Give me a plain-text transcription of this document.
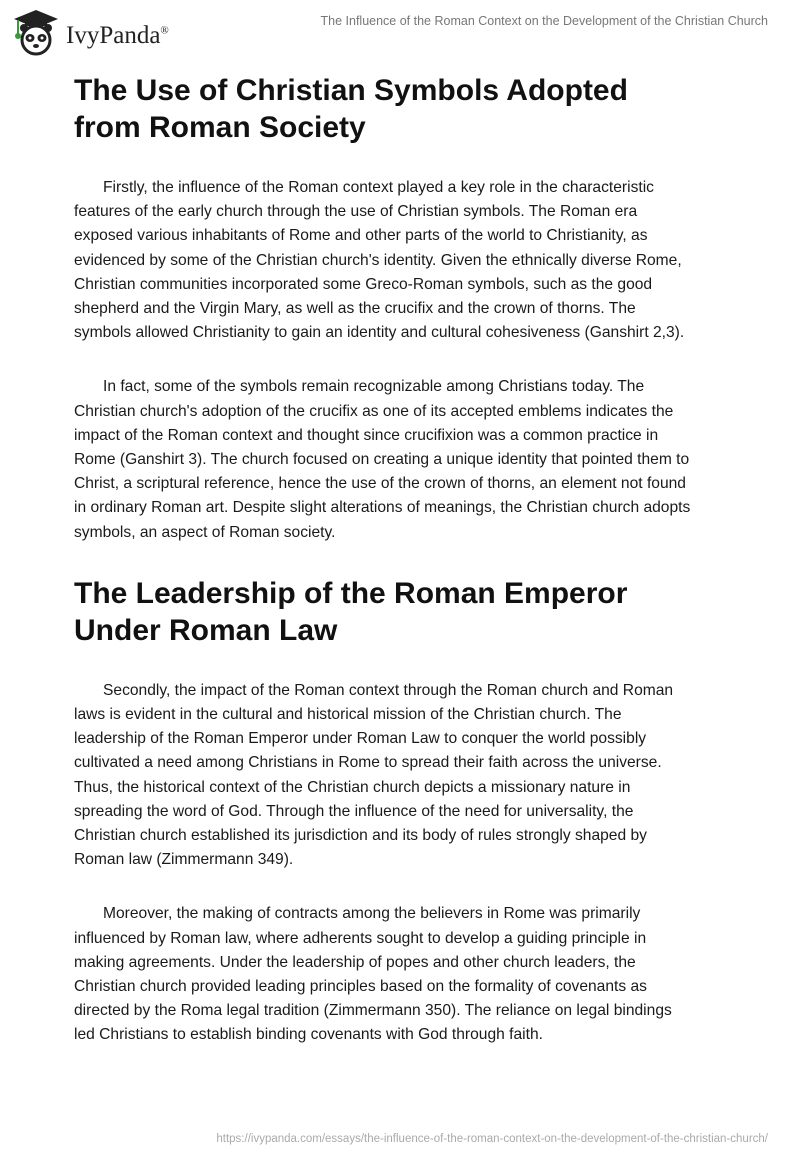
IvyPanda®
The Influence of the Roman Context on the Development of the Christian Church
The Use of Christian Symbols Adopted from Roman Society

Firstly, the influence of the Roman context played a key role in the characteristic features of the early church through the use of Christian symbols. The Roman era exposed various inhabitants of Rome and other parts of the world to Christianity, as evidenced by some of the Christian church's identity. Given the ethnically diverse Rome, Christian communities incorporated some Greco-Roman symbols, such as the good shepherd and the Virgin Mary, as well as the crucifix and the crown of thorns. The symbols allowed Christianity to gain an identity and cultural cohesiveness (Ganshirt 2,3).

In fact, some of the symbols remain recognizable among Christians today. The Christian church's adoption of the crucifix as one of its accepted emblems indicates the impact of the Roman context and thought since crucifixion was a common practice in Rome (Ganshirt 3). The church focused on creating a unique identity that pointed them to Christ, a scriptural reference, hence the use of the crown of thorns, an element not found in ordinary Roman art. Despite slight alterations of meanings, the Christian church adopts symbols, an aspect of Roman society.

The Leadership of the Roman Emperor Under Roman Law

Secondly, the impact of the Roman context through the Roman church and Roman laws is evident in the cultural and historical mission of the Christian church. The leadership of the Roman Emperor under Roman Law to conquer the world possibly cultivated a need among Christians in Rome to spread their faith across the universe. Thus, the historical context of the Christian church depicts a missionary nature in spreading the word of God. Through the influence of the need for universality, the Christian church established its jurisdiction and its body of rules strongly shaped by Roman law (Zimmermann 349).

Moreover, the making of contracts among the believers in Rome was primarily influenced by Roman law, where adherents sought to develop a guiding principle in making agreements. Under the leadership of popes and other church leaders, the Christian church provided leading principles based on the formality of covenants as directed by the Roma legal tradition (Zimmermann 350). The reliance on legal bindings led Christians to establish binding covenants with God through faith.

https://ivypanda.com/essays/the-influence-of-the-roman-context-on-the-development-of-the-christian-church/
